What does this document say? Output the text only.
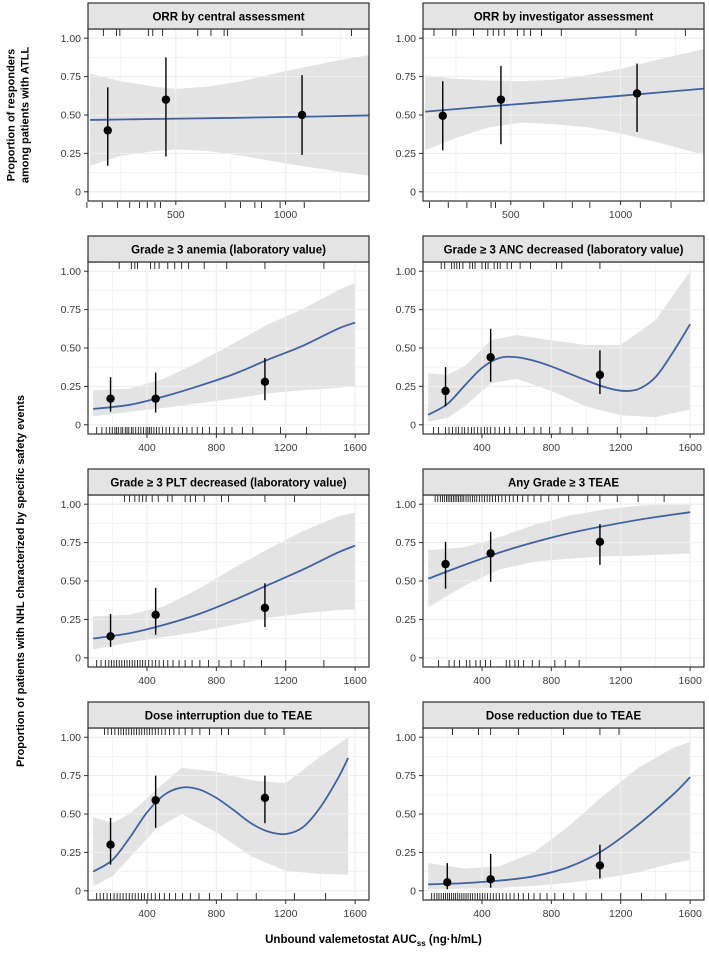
Proportion of responders among patients with ATLL
Proportion of patients with NHL characterized by specific safety events
0
0.25
0.50
0.75
1.00
500	1000
ORR by central assessment
0
0.25
0.50
0.75
1.00
500	1000
ORR by investigator assessment
0
0.25
0.50
0.75
1.00
400	800	1200	1600
Grade ≥ 3 anemia (laboratory value)
0
0.25
0.50
0.75
1.00
400	800	1200	1600
Grade ≥ 3 ANC decreased (laboratory value)
0
0.25
0.50
0.75
1.00
400	800	1200	1600
Grade ≥ 3 PLT decreased (laboratory value)
0
0.25
0.50
0.75
1.00
400	800	1200	1600
Any Grade ≥ 3 TEAE
0
0.25
0.50
0.75
1.00
400	800	1200	1600
Dose interruption due to TEAE
0
0.25
0.50
0.75
1.00
400	800	1200	1600
Dose reduction due to TEAE
Unbound valemetostat $AUC_{ss}$ (ng·h/mL)
